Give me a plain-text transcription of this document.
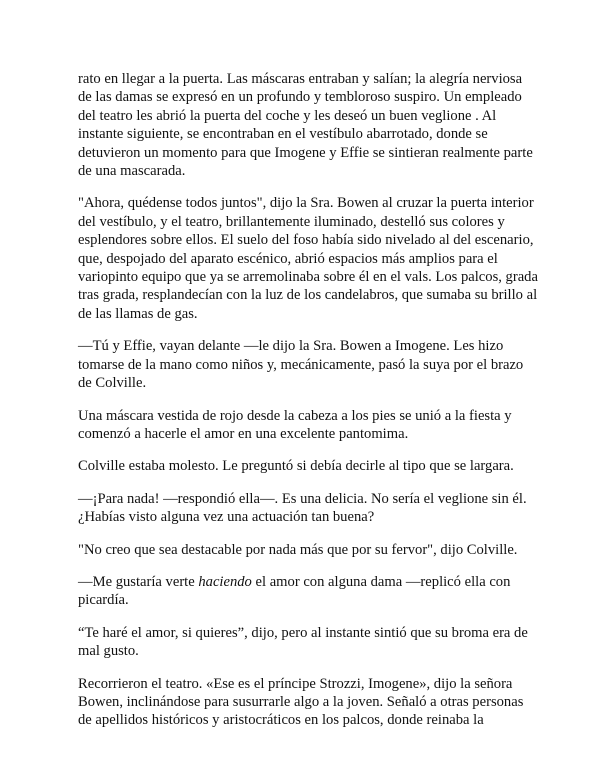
rato en llegar a la puerta. Las máscaras entraban y salían; la alegría nerviosa de las damas se expresó en un profundo y tembloroso suspiro. Un empleado del teatro les abrió la puerta del coche y les deseó un buen veglione . Al instante siguiente, se encontraban en el vestíbulo abarrotado, donde se detuvieron un momento para que Imogene y Effie se sintieran realmente parte de una mascarada.

"Ahora, quédense todos juntos", dijo la Sra. Bowen al cruzar la puerta interior del vestíbulo, y el teatro, brillantemente iluminado, destelló sus colores y esplendores sobre ellos. El suelo del foso había sido nivelado al del escenario, que, despojado del aparato escénico, abrió espacios más amplios para el variopinto equipo que ya se arremolinaba sobre él en el vals. Los palcos, grada tras grada, resplandecían con la luz de los candelabros, que sumaba su brillo al de las llamas de gas.

—Tú y Effie, vayan delante —le dijo la Sra. Bowen a Imogene. Les hizo tomarse de la mano como niños y, mecánicamente, pasó la suya por el brazo de Colville.

Una máscara vestida de rojo desde la cabeza a los pies se unió a la fiesta y comenzó a hacerle el amor en una excelente pantomima.

Colville estaba molesto. Le preguntó si debía decirle al tipo que se largara.

—¡Para nada! —respondió ella—. Es una delicia. No sería el veglione sin él. ¿Habías visto alguna vez una actuación tan buena?

"No creo que sea destacable por nada más que por su fervor", dijo Colville.

—Me gustaría verte haciendo el amor con alguna dama —replicó ella con picardía.

“Te haré el amor, si quieres”, dijo, pero al instante sintió que su broma era de mal gusto.

Recorrieron el teatro. «Ese es el príncipe Strozzi, Imogene», dijo la señora Bowen, inclinándose para susurrarle algo a la joven. Señaló a otras personas de apellidos históricos y aristocráticos en los palcos, donde reinaba la
